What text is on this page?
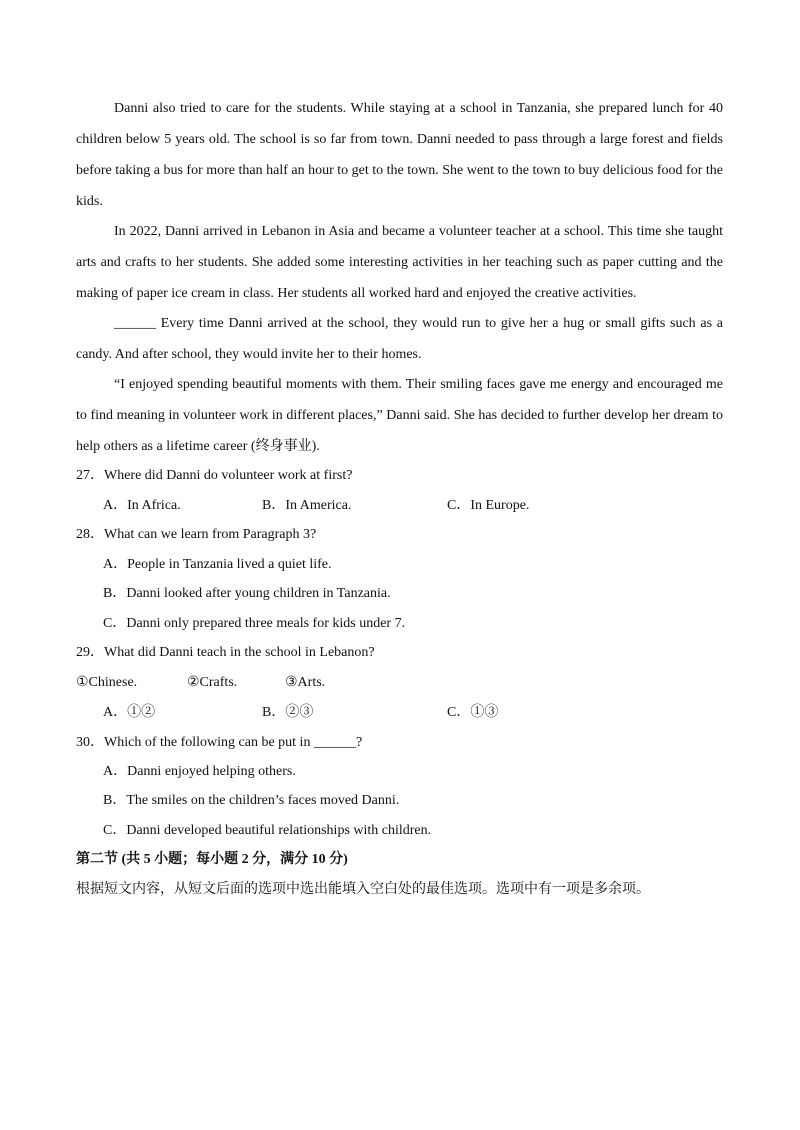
Danni also tried to care for the students. While staying at a school in Tanzania, she prepared lunch for 40 children below 5 years old. The school is so far from town. Danni needed to pass through a large forest and fields before taking a bus for more than half an hour to get to the town. She went to the town to buy delicious food for the kids.

In 2022, Danni arrived in Lebanon in Asia and became a volunteer teacher at a school. This time she taught arts and crafts to her students. She added some interesting activities in her teaching such as paper cutting and the making of paper ice cream in class. Her students all worked hard and enjoyed the creative activities.

______ Every time Danni arrived at the school, they would run to give her a hug or small gifts such as a candy. And after school, they would invite her to their homes.

“I enjoyed spending beautiful moments with them. Their smiling faces gave me energy and encouraged me to find meaning in volunteer work in different places,” Danni said. She has decided to further develop her dream to help others as a lifetime career (终身事业).

27．Where did Danni do volunteer work at first?

A．In Africa.	B．In America.	C．In Europe.

28．What can we learn from Paragraph 3?

A．People in Tanzania lived a quiet life.
B．Danni looked after young children in Tanzania.
C．Danni only prepared three meals for kids under 7.

29．What did Danni teach in the school in Lebanon?

①Chinese.	②Crafts.	③Arts.
A．①②	B．②③	C．①③

30．Which of the following can be put in ______?

A．Danni enjoyed helping others.
B．The smiles on the children’s faces moved Danni.
C．Danni developed beautiful relationships with children.

第二节 (共 5 小题；每小题 2 分，满分 10 分)

根据短文内容，从短文后面的选项中选出能填入空白处的最佳选项。选项中有一项是多余项。
